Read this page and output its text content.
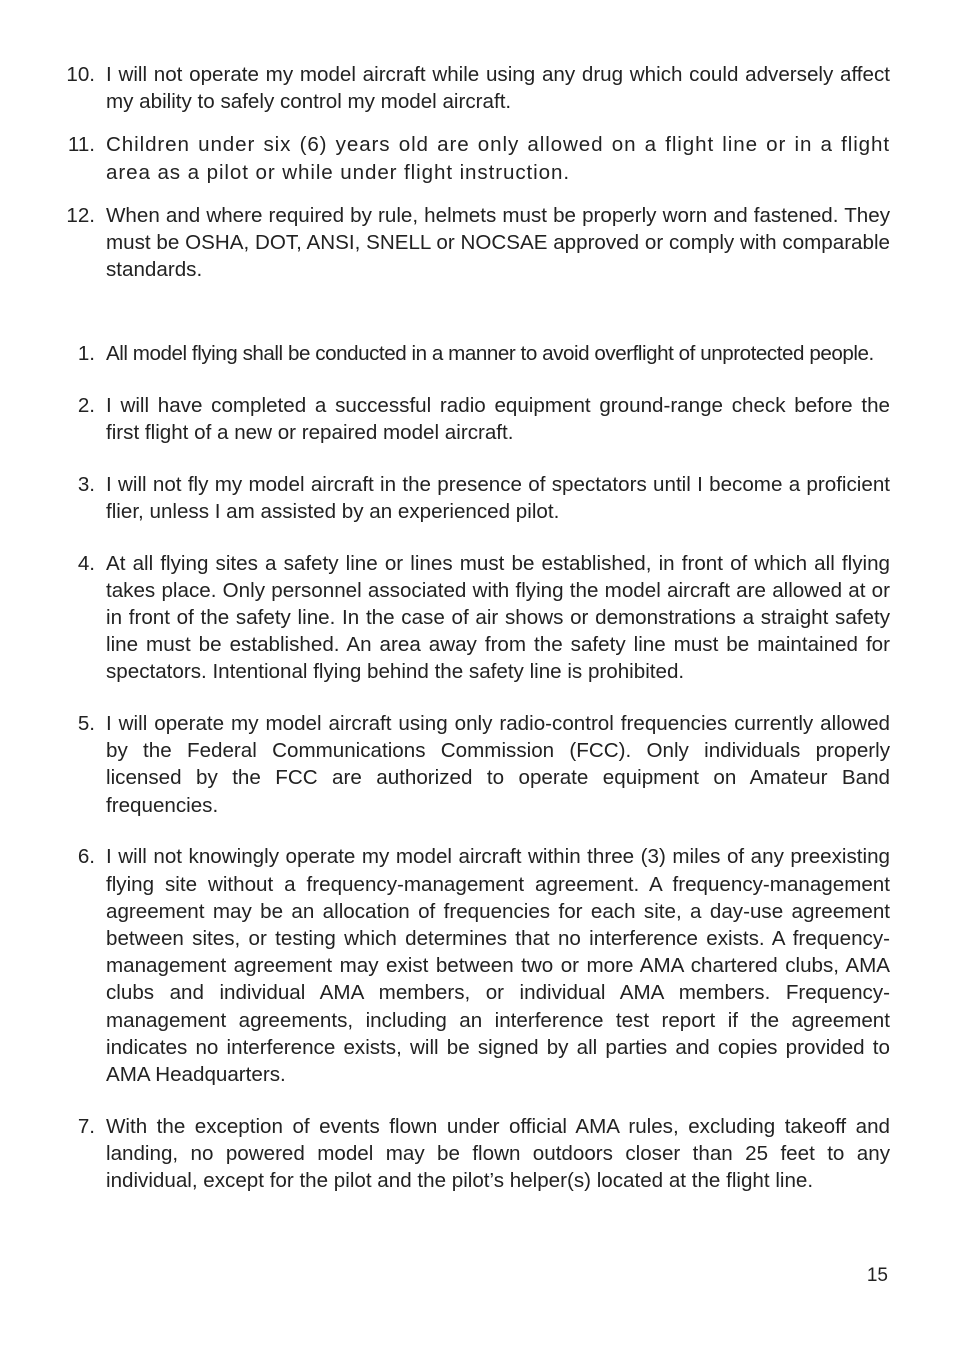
10. I will not operate my model aircraft while using any drug which could adversely affect my ability to safely control my model aircraft.
11. Children under six (6) years old are only allowed on a flight line or in a flight area as a pilot or while under flight instruction.
12. When and where required by rule, helmets must be properly worn and fastened. They must be OSHA, DOT, ANSI, SNELL or NOCSAE approved or comply with comparable standards.
1. All model flying shall be conducted in a manner to avoid overflight of unprotected people.
2. I will have completed a successful radio equipment ground-range check before the first flight of a new or repaired model aircraft.
3. I will not fly my model aircraft in the presence of spectators until I become a proficient flier, unless I am assisted by an experienced pilot.
4. At all flying sites a safety line or lines must be established, in front of which all flying takes place. Only personnel associated with flying the model aircraft are allowed at or in front of the safety line. In the case of air shows or demonstrations a straight safety line must be established. An area away from the safety line must be maintained for spectators. Intentional flying behind the safety line is prohibited.
5. I will operate my model aircraft using only radio-control frequencies currently allowed by the Federal Communications Commission (FCC). Only individuals properly licensed by the FCC are authorized to operate equipment on Amateur Band frequencies.
6. I will not knowingly operate my model aircraft within three (3) miles of any preexisting flying site without a frequency-management agreement. A frequency-management agreement may be an allocation of frequencies for each site, a day-use agreement between sites, or testing which determines that no interference exists. A frequency-management agreement may exist between two or more AMA chartered clubs, AMA clubs and individual AMA members, or individual AMA members. Frequency-management agreements, including an interference test report if the agreement indicates no interference exists, will be signed by all parties and copies provided to AMA Headquarters.
7. With the exception of events flown under official AMA rules, excluding takeoff and landing, no powered model may be flown outdoors closer than 25 feet to any individual, except for the pilot and the pilot’s helper(s) located at the flight line.
15
